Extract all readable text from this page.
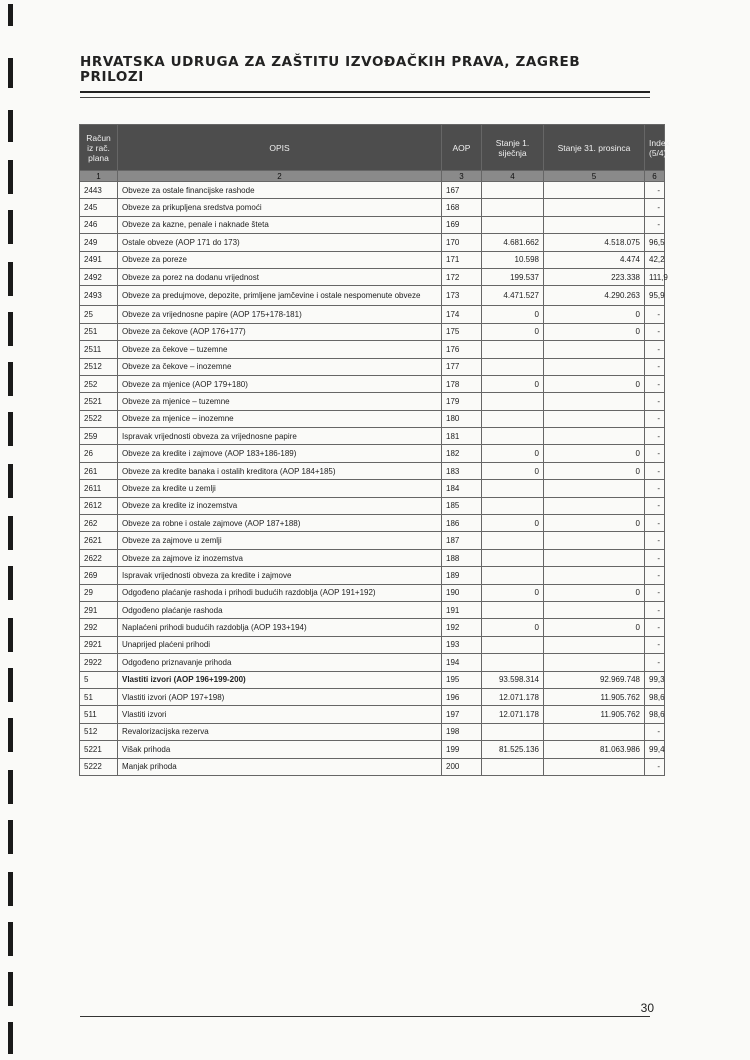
HRVATSKA UDRUGA ZA ZAŠTITU IZVOĐAČKIH PRAVA, ZAGREB
PRILOZI
Račun iz rač. plana	OPIS	AOP	Stanje 1. siječnja	Stanje 31. prosinca	Index (5/4)
1	2	3	4	5	6
2443	Obveze za ostale financijske rashode	167			-
245	Obveze za prikupljena sredstva pomoći	168			-
246	Obveze za kazne, penale i naknade šteta	169			-
249	Ostale obveze (AOP 171 do 173)	170	4.681.662	4.518.075	96,5
2491	Obveze za poreze	171	10.598	4.474	42,2
2492	Obveze za porez na dodanu vrijednost	172	199.537	223.338	111,9
2493	Obveze za predujmove, depozite, primljene jamčevine i ostale nespomenute obveze	173	4.471.527	4.290.263	95,9
25	Obveze za vrijednosne papire (AOP 175+178-181)	174	0	0	-
251	Obveze za čekove (AOP 176+177)	175	0	0	-
2511	Obveze za čekove – tuzemne	176			-
2512	Obveze za čekove – inozemne	177			-
252	Obveze za mjenice (AOP 179+180)	178	0	0	-
2521	Obveze za mjenice – tuzemne	179			-
2522	Obveze za mjenice – inozemne	180			-
259	Ispravak vrijednosti obveza za vrijednosne papire	181			-
26	Obveze za kredite i zajmove (AOP 183+186-189)	182	0	0	-
261	Obveze za kredite banaka i ostalih kreditora (AOP 184+185)	183	0	0	-
2611	Obveze za kredite u zemlji	184			-
2612	Obveze za kredite iz inozemstva	185			-
262	Obveze za robne i ostale zajmove (AOP 187+188)	186	0	0	-
2621	Obveze za zajmove u zemlji	187			-
2622	Obveze za zajmove iz inozemstva	188			-
269	Ispravak vrijednosti obveza za kredite i zajmove	189			-
29	Odgođeno plaćanje rashoda i prihodi budućih razdoblja (AOP 191+192)	190	0	0	-
291	Odgođeno plaćanje rashoda	191			-
292	Naplaćeni prihodi budućih razdoblja (AOP 193+194)	192	0	0	-
2921	Unaprijed plaćeni prihodi	193			-
2922	Odgođeno priznavanje prihoda	194			-
5	Vlastiti izvori (AOP 196+199-200)	195	93.598.314	92.969.748	99,3
51	Vlastiti izvori (AOP 197+198)	196	12.071.178	11.905.762	98,6
511	Vlastiti izvori	197	12.071.178	11.905.762	98,6
512	Revalorizacijska rezerva	198			-
5221	Višak prihoda	199	81.525.136	81.063.986	99,4
5222	Manjak prihoda	200			-
30
